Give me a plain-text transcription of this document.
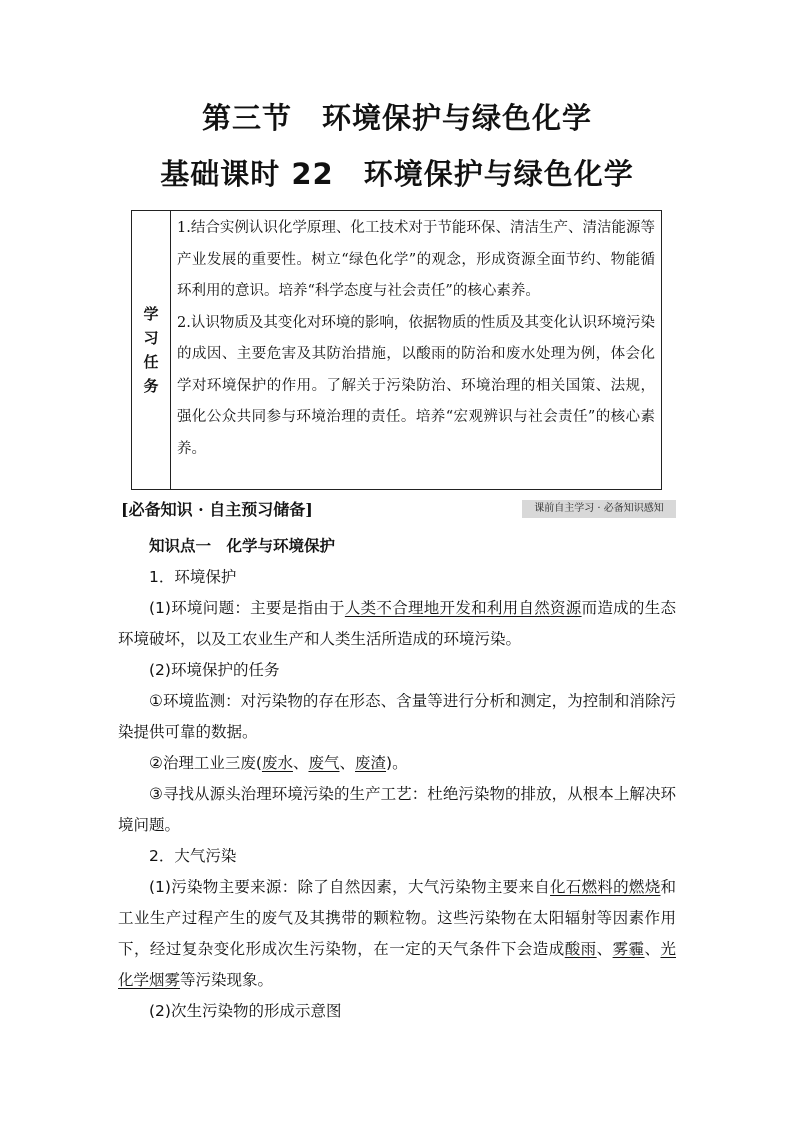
第三节 环境保护与绿色化学
基础课时 22 环境保护与绿色化学
学
习
任
务
1.结合实例认识化学原理、化工技术对于节能环保、清洁生产、清洁能源等产业发展的重要性。树立“绿色化学”的观念，形成资源全面节约、物能循环利用的意识。培养“科学态度与社会责任”的核心素养。
2.认识物质及其变化对环境的影响，依据物质的性质及其变化认识环境污染的成因、主要危害及其防治措施，以酸雨的防治和废水处理为例，体会化学对环境保护的作用。了解关于污染防治、环境治理的相关国策、法规，强化公众共同参与环境治理的责任。培养“宏观辨识与社会责任”的核心素养。
[必备知识 · 自主预习储备]	课前自主学习 · 必备知识感知

知识点一　化学与环境保护

1．环境保护

(1)环境问题：主要是指由于人类不合理地开发和利用自然资源而造成的生态环境破坏，以及工农业生产和人类生活所造成的环境污染。

(2)环境保护的任务

①环境监测：对污染物的存在形态、含量等进行分析和测定，为控制和消除污染提供可靠的数据。

②治理工业三废(废水、废气、废渣)。

③寻找从源头治理环境污染的生产工艺：杜绝污染物的排放，从根本上解决环境问题。

2．大气污染

(1)污染物主要来源：除了自然因素，大气污染物主要来自化石燃料的燃烧和工业生产过程产生的废气及其携带的颗粒物。这些污染物在太阳辐射等因素作用下，经过复杂变化形成次生污染物，在一定的天气条件下会造成酸雨、雾霾、光化学烟雾等污染现象。

(2)次生污染物的形成示意图
